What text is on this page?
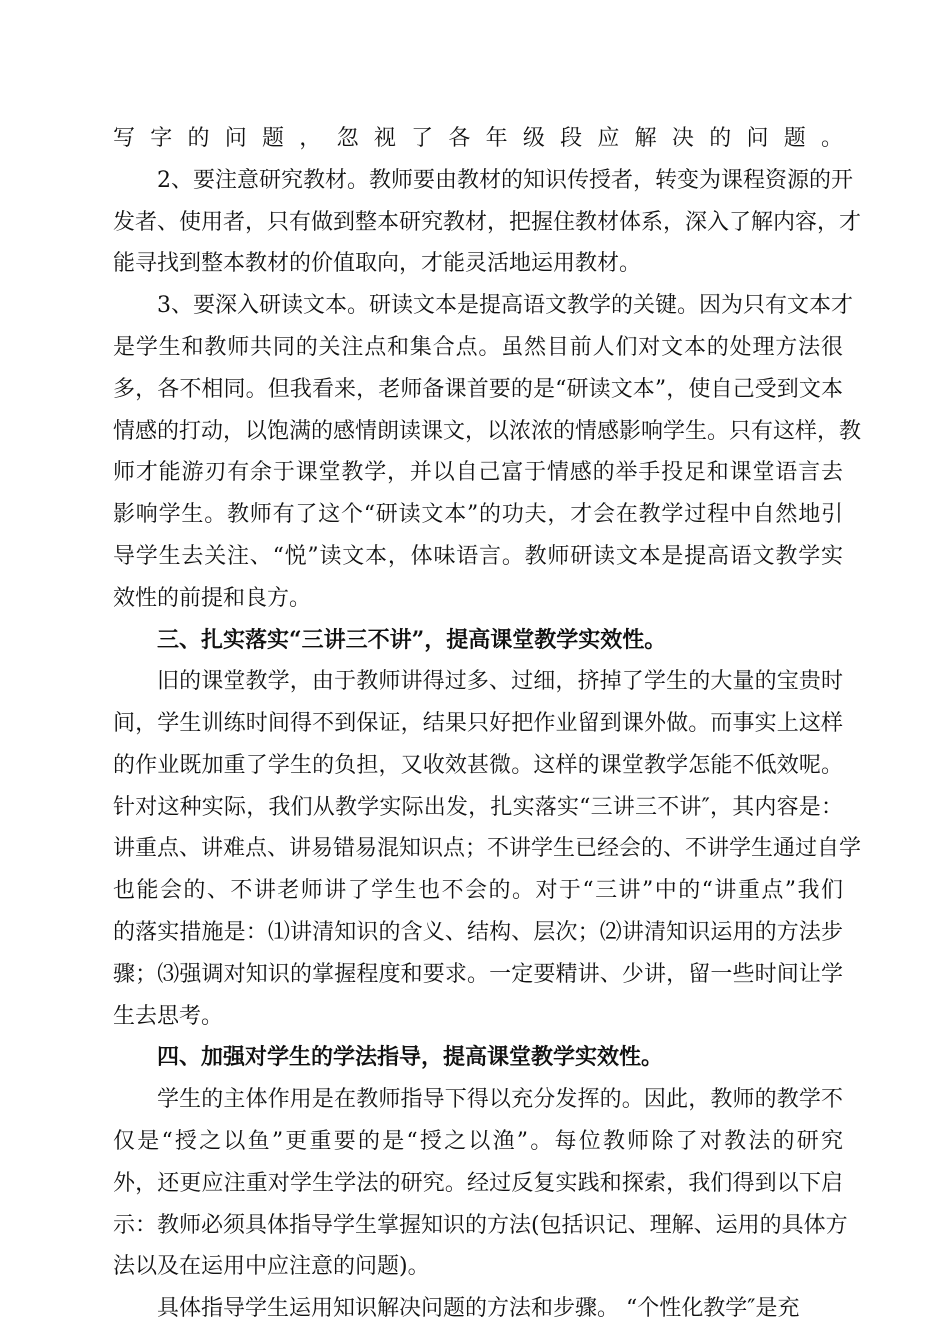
写字的问题，忽视了各年级段应解决的问题。
2、要注意研究教材。教师要由教材的知识传授者，转变为课程资源的开
发者、使用者，只有做到整本研究教材，把握住教材体系，深入了解内容，才
能寻找到整本教材的价值取向，才能灵活地运用教材。
3、要深入研读文本。研读文本是提高语文教学的关键。因为只有文本才
是学生和教师共同的关注点和集合点。虽然目前人们对文本的处理方法很
多，各不相同。但我看来，老师备课首要的是“研读文本”，使自己受到文本
情感的打动，以饱满的感情朗读课文，以浓浓的情感影响学生。只有这样，教
师才能游刃有余于课堂教学，并以自己富于情感的举手投足和课堂语言去
影响学生。教师有了这个“研读文本”的功夫，才会在教学过程中自然地引
导学生去关注、“悦”读文本，体味语言。教师研读文本是提高语文教学实
效性的前提和良方。
三、扎实落实“三讲三不讲”，提高课堂教学实效性。
旧的课堂教学，由于教师讲得过多、过细，挤掉了学生的大量的宝贵时
间，学生训练时间得不到保证，结果只好把作业留到课外做。而事实上这样
的作业既加重了学生的负担，又收效甚微。这样的课堂教学怎能不低效呢。
针对这种实际，我们从教学实际出发，扎实落实“三讲三不讲″，其内容是：
讲重点、讲难点、讲易错易混知识点；不讲学生已经会的、不讲学生通过自学
也能会的、不讲老师讲了学生也不会的。对于“三讲”中的“讲重点”我们
的落实措施是：⑴讲清知识的含义、结构、层次；⑵讲清知识运用的方法步
骤；⑶强调对知识的掌握程度和要求。一定要精讲、少讲，留一些时间让学
生去思考。
四、加强对学生的学法指导，提高课堂教学实效性。
学生的主体作用是在教师指导下得以充分发挥的。因此，教师的教学不
仅是“授之以鱼”更重要的是“授之以渔”。每位教师除了对教法的研究
外，还更应注重对学生学法的研究。经过反复实践和探索，我们得到以下启
示：教师必须具体指导学生掌握知识的方法(包括识记、理解、运用的具体方
法以及在运用中应注意的问题)。
具体指导学生运用知识解决问题的方法和步骤。 “个性化教学″是充
